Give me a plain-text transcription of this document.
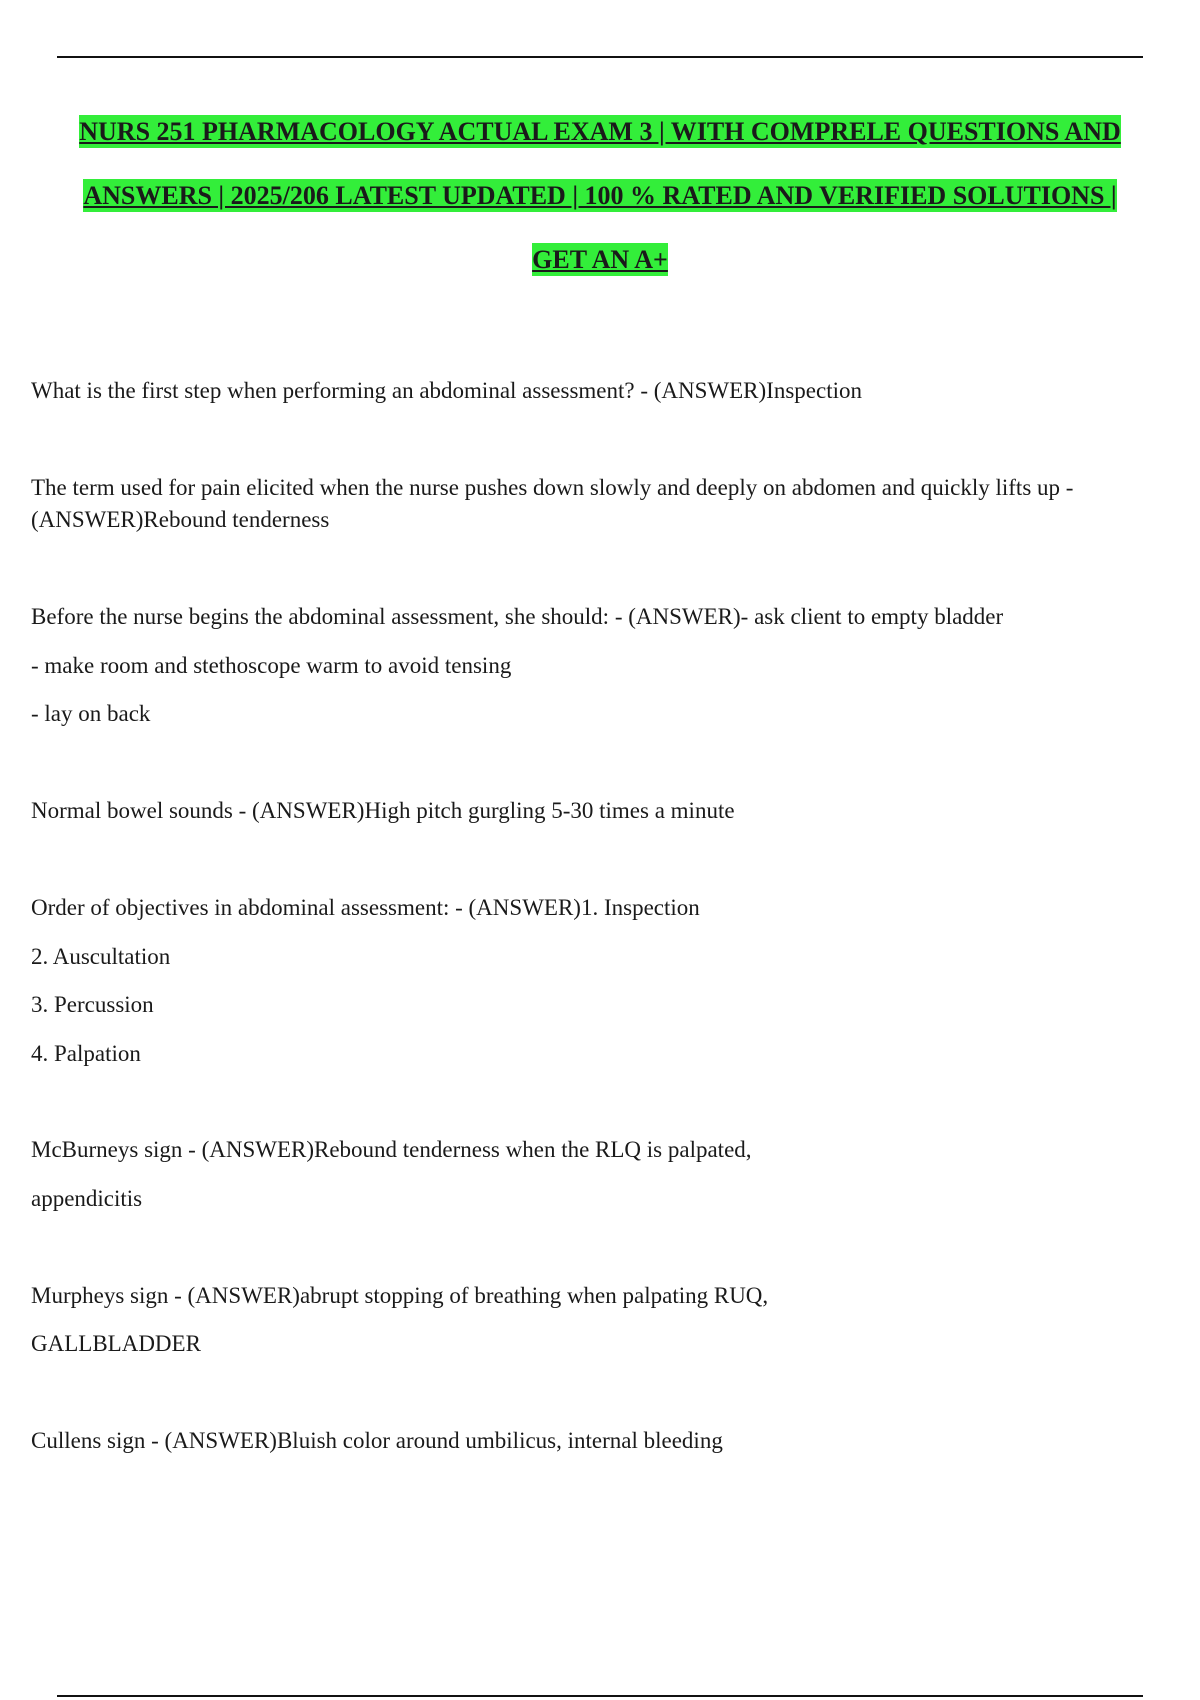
NURS 251 PHARMACOLOGY ACTUAL EXAM 3 | WITH COMPRELE QUESTIONS AND
ANSWERS | 2025/206 LATEST UPDATED | 100 % RATED AND VERIFIED SOLUTIONS |
GET AN A+
What is the first step when performing an abdominal assessment? - (ANSWER)Inspection
The term used for pain elicited when the nurse pushes down slowly and deeply on abdomen and quickly lifts up -
(ANSWER)Rebound tenderness
Before the nurse begins the abdominal assessment, she should: - (ANSWER)- ask client to empty bladder
- make room and stethoscope warm to avoid tensing
- lay on back
Normal bowel sounds - (ANSWER)High pitch gurgling 5-30 times a minute
Order of objectives in abdominal assessment: - (ANSWER)1. Inspection
2. Auscultation
3. Percussion
4. Palpation
McBurneys sign - (ANSWER)Rebound tenderness when the RLQ is palpated,
appendicitis
Murpheys sign - (ANSWER)abrupt stopping of breathing when palpating RUQ,
GALLBLADDER
Cullens sign - (ANSWER)Bluish color around umbilicus, internal bleeding
